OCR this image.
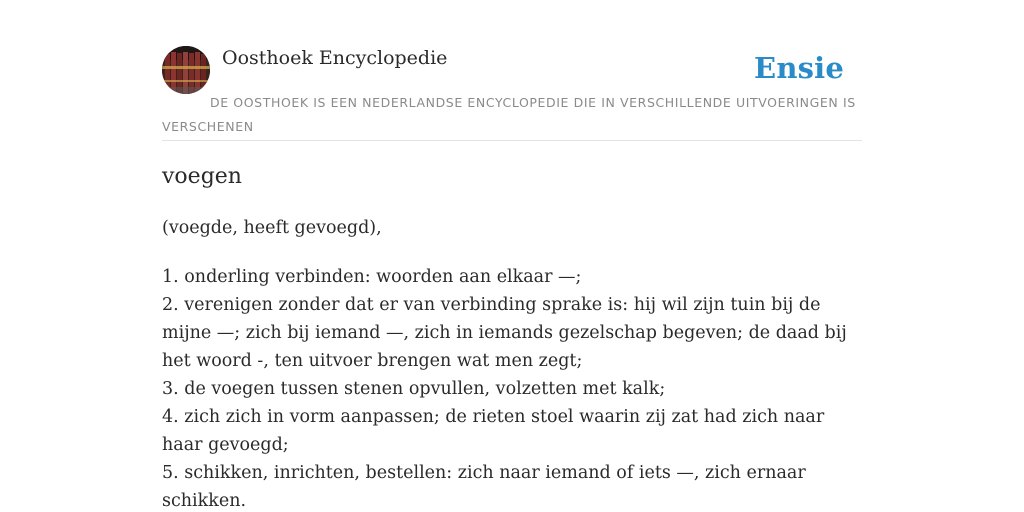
Oosthoek Encyclopedie	Ensie
DE OOSTHOEK IS EEN NEDERLANDSE ENCYCLOPEDIE DIE IN VERSCHILLENDE UITVOERINGEN IS VERSCHENEN
voegen
(voegde, heeft gevoegd),
1. onderling verbinden: woorden aan elkaar —;
2. verenigen zonder dat er van verbinding sprake is: hij wil zijn tuin bij de mijne —; zich bij iemand —, zich in iemands gezelschap begeven; de daad bij het woord -, ten uitvoer brengen wat men zegt;
3. de voegen tussen stenen opvullen, volzetten met kalk;
4. zich zich in vorm aanpassen; de rieten stoel waarin zij zat had zich naar haar gevoegd;
5. schikken, inrichten, bestellen: zich naar iemand of iets —, zich ernaar schikken.
